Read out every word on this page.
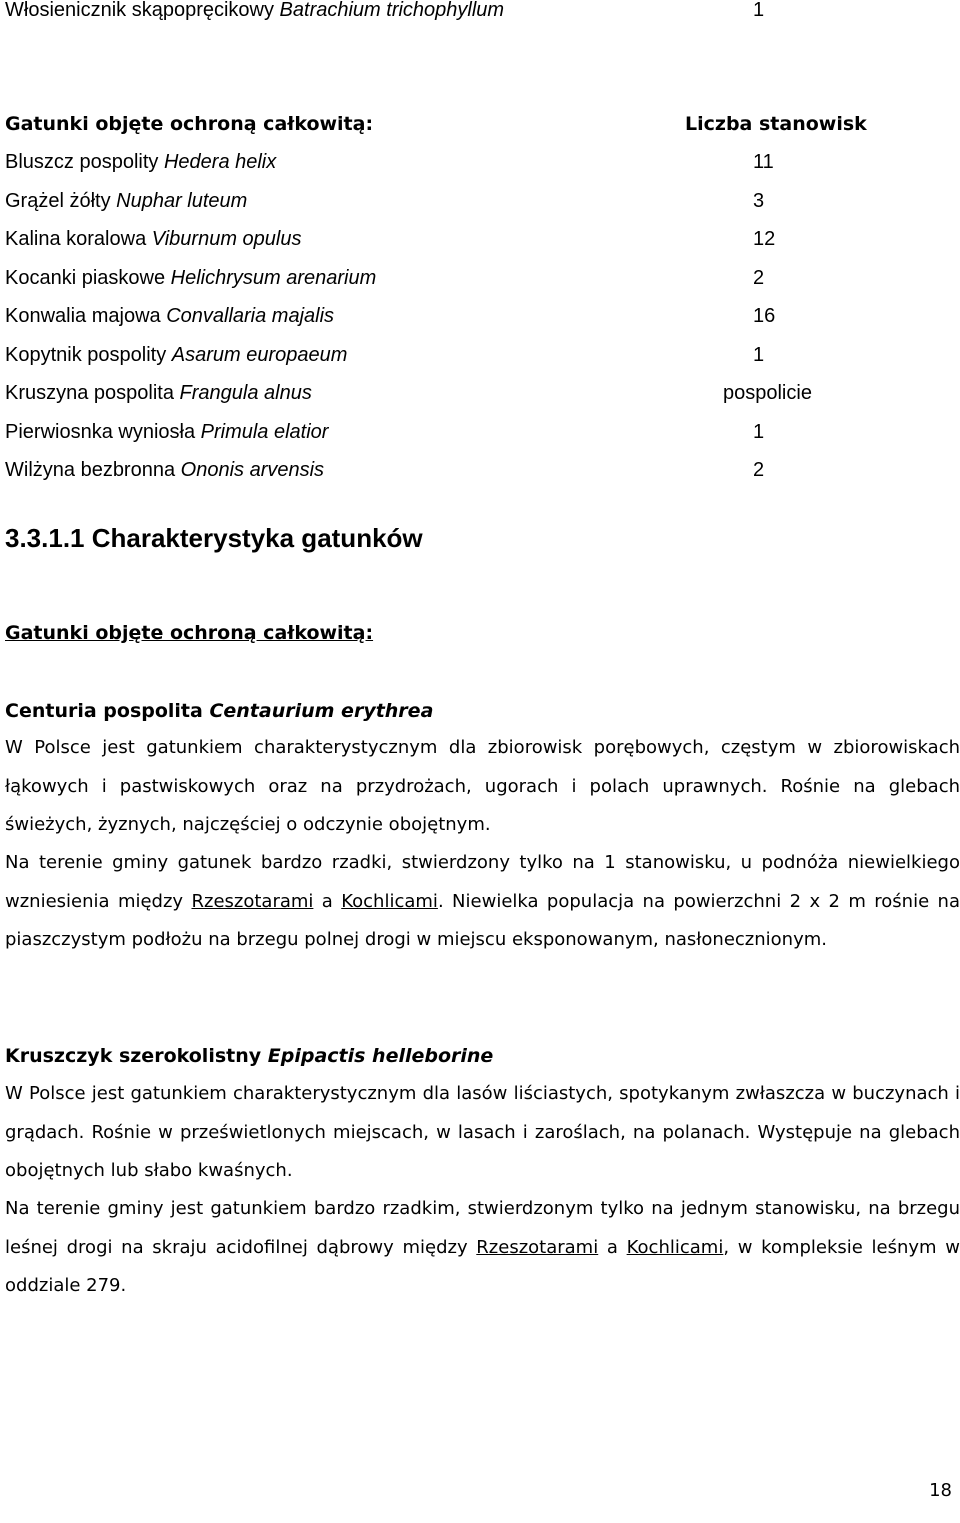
Włosienicznik skąpopręcikowy Batrachium trichophyllum	1
Gatunki objęte ochroną całkowitą:	Liczba stanowisk
Bluszcz pospolity Hedera helix	11
Grążel żółty Nuphar luteum	3
Kalina koralowa Viburnum opulus	12
Kocanki piaskowe Helichrysum arenarium	2
Konwalia majowa Convallaria majalis	16
Kopytnik pospolity Asarum europaeum	1
Kruszyna pospolita Frangula alnus	pospolicie
Pierwiosnka wyniosła Primula elatior	1
Wilżyna bezbronna Ononis arvensis	2
3.3.1.1 Charakterystyka gatunków
Gatunki objęte ochroną całkowitą:
Centuria pospolita Centaurium erythrea

W Polsce jest gatunkiem charakterystycznym dla zbiorowisk porębowych, częstym w zbiorowiskach łąkowych i pastwiskowych oraz na przydrożach, ugorach i polach uprawnych. Rośnie na glebach świeżych, żyznych, najczęściej o odczynie obojętnym.

Na terenie gminy gatunek bardzo rzadki, stwierdzony tylko na 1 stanowisku, u podnóża niewielkiego wzniesienia między Rzeszotarami a Kochlicami. Niewielka populacja na powierzchni 2 x 2 m rośnie na piaszczystym podłożu na brzegu polnej drogi w miejscu eksponowanym, nasłonecznionym.

Kruszczyk szerokolistny Epipactis helleborine

W Polsce jest gatunkiem charakterystycznym dla lasów liściastych, spotykanym zwłaszcza w buczynach i grądach. Rośnie w prześwietlonych miejscach, w lasach i zaroślach, na polanach. Występuje na glebach obojętnych lub słabo kwaśnych.

Na terenie gminy jest gatunkiem bardzo rzadkim, stwierdzonym tylko na jednym stanowisku, na brzegu leśnej drogi na skraju acidofilnej dąbrowy między Rzeszotarami a Kochlicami, w kompleksie leśnym w oddziale 279.

18
